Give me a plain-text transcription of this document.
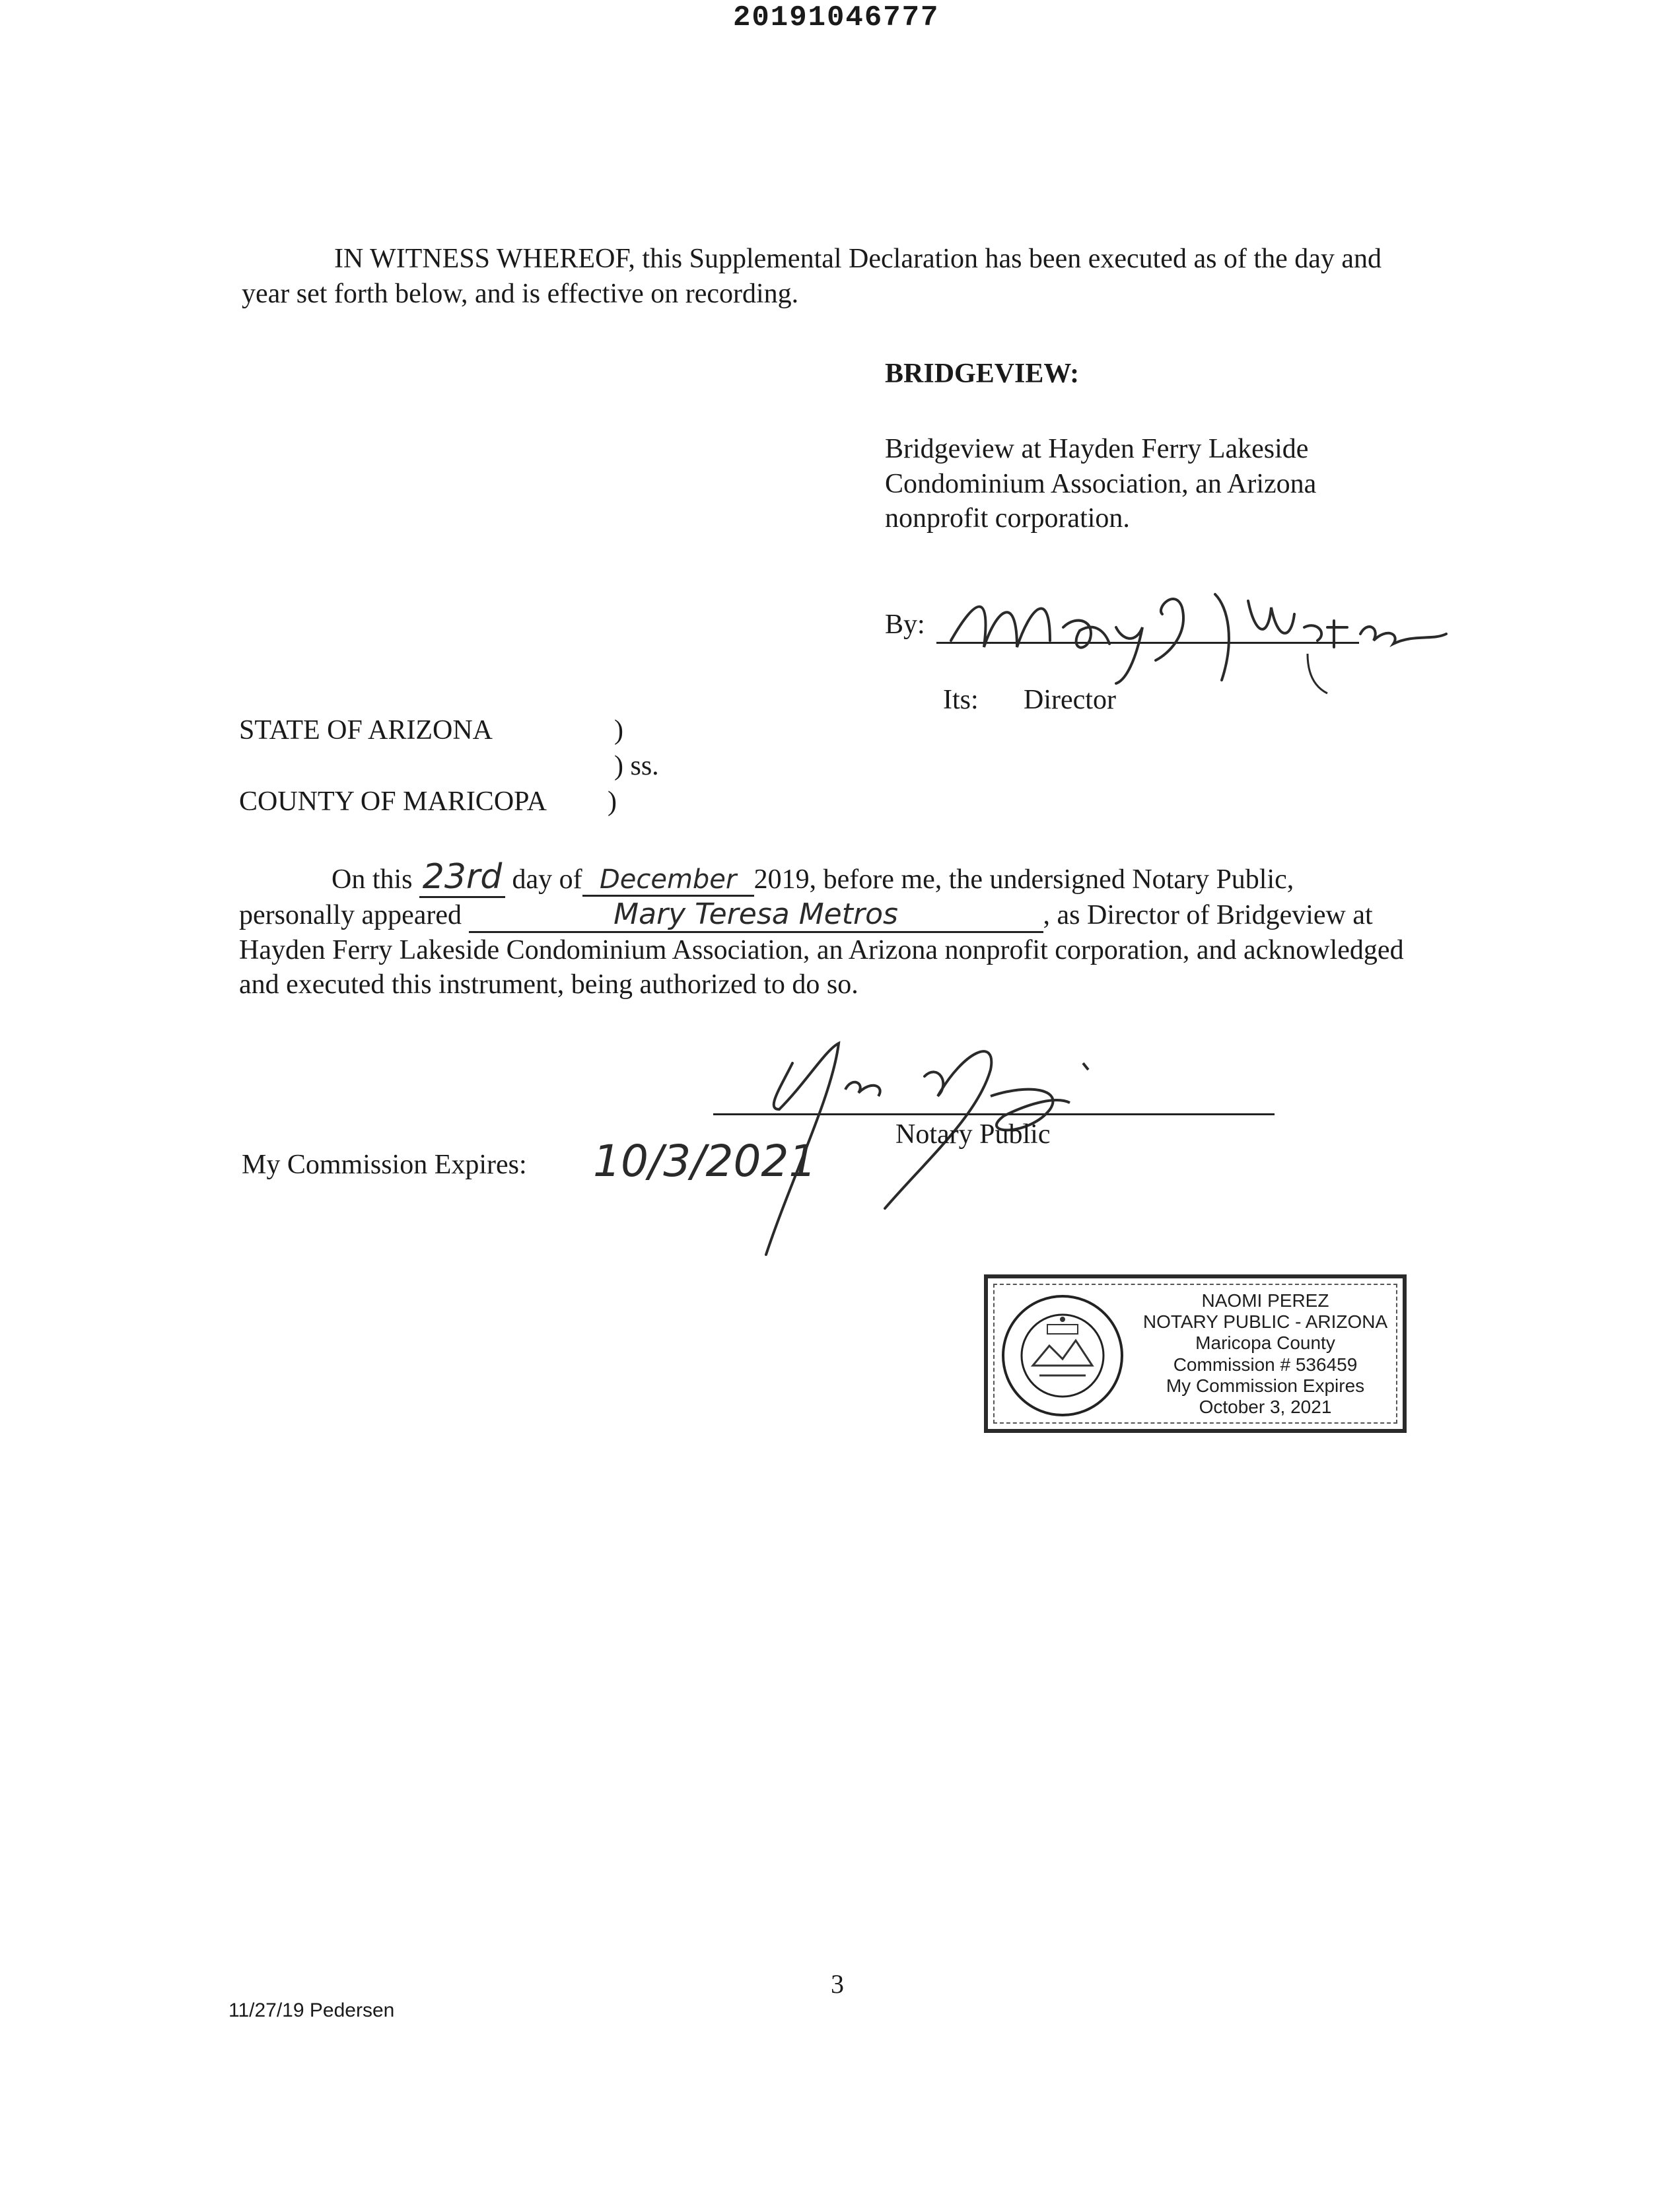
20191046777
IN WITNESS WHEREOF, this Supplemental Declaration has been executed as of the day and year set forth below, and is effective on recording.
BRIDGEVIEW:
Bridgeview at Hayden Ferry Lakeside Condominium Association, an Arizona nonprofit corporation.
By:
Its: Director
STATE OF ARIZONA	)
) ss.
COUNTY OF MARICOPA )
On this 23rd day of December 2019, before me, the undersigned Notary Public,
personally appeared	Mary Teresa Metros	, as Director of Bridgeview at Hayden Ferry Lakeside Condominium Association, an Arizona nonprofit corporation, and acknowledged and executed this instrument, being authorized to do so.
Notary Public
My Commission Expires: 10/3/2021
NAOMI PEREZ
NOTARY PUBLIC - ARIZONA
Maricopa County
Commission # 536459
My Commission Expires
October 3, 2021
3
11/27/19 Pedersen
